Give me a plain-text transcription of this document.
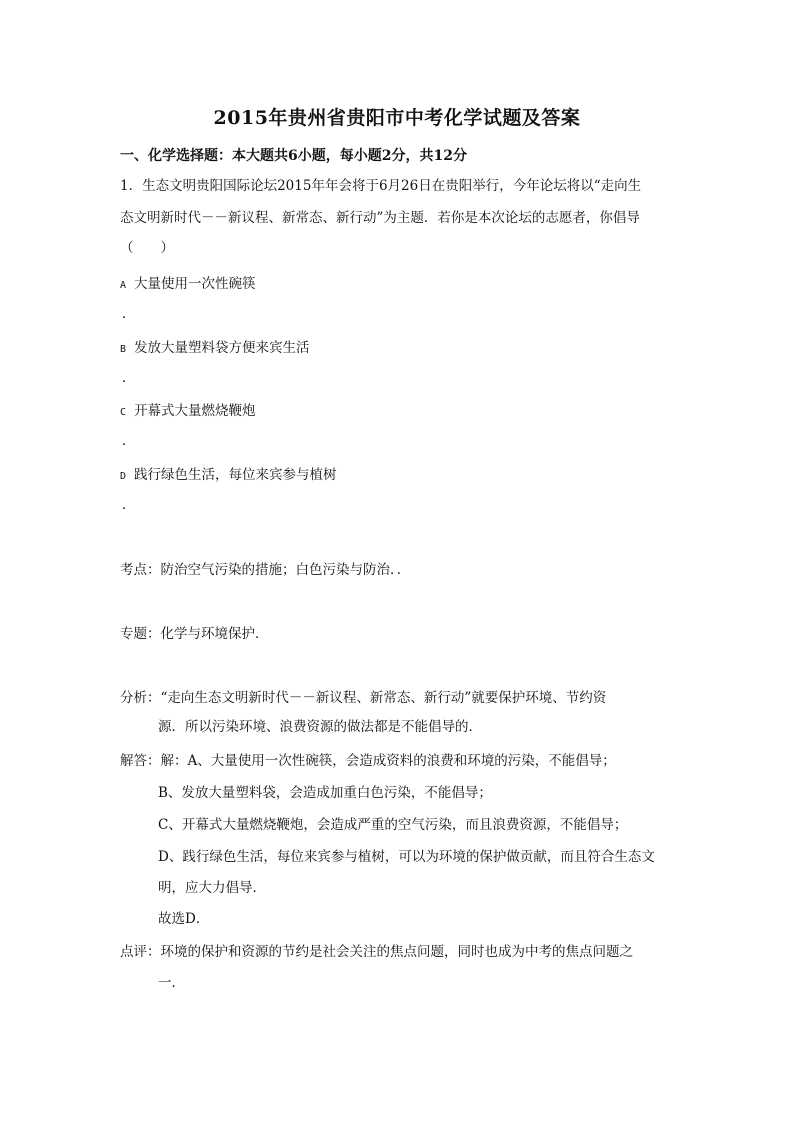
2015年贵州省贵阳市中考化学试题及答案
一、化学选择题：本大题共6小题，每小题2分，共12分
1．生态文明贵阳国际论坛2015年年会将于6月26日在贵阳举行，今年论坛将以“走向生
态文明新时代－－新议程、新常态、新行动”为主题．若你是本次论坛的志愿者，你倡导
（　　）
A 大量使用一次性碗筷
．
B 发放大量塑料袋方便来宾生活
．
C 开幕式大量燃烧鞭炮
．
D 践行绿色生活，每位来宾参与植树
．
考点：防治空气污染的措施；白色污染与防治．．
专题：化学与环境保护．
分析：“走向生态文明新时代－－新议程、新常态、新行动”就要保护环境、节约资
源．所以污染环境、浪费资源的做法都是不能倡导的．
解答：解：A、大量使用一次性碗筷，会造成资料的浪费和环境的污染，不能倡导；
B、发放大量塑料袋，会造成加重白色污染，不能倡导；
C、开幕式大量燃烧鞭炮，会造成严重的空气污染，而且浪费资源，不能倡导；
D、践行绿色生活，每位来宾参与植树，可以为环境的保护做贡献，而且符合生态文
明，应大力倡导．
故选D．
点评：环境的保护和资源的节约是社会关注的焦点问题，同时也成为中考的焦点问题之
一．
